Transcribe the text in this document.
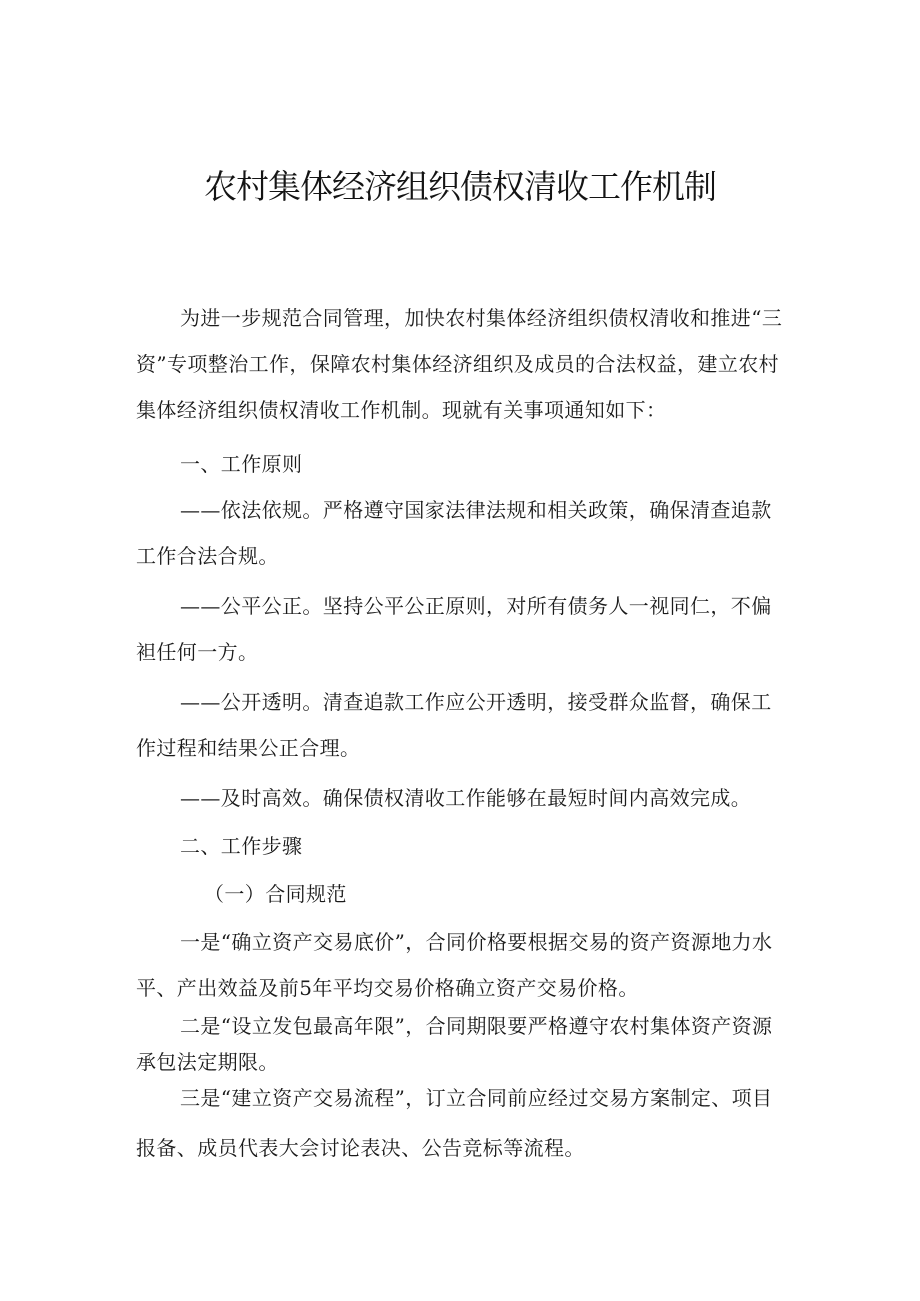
农村集体经济组织债权清收工作机制

为进一步规范合同管理，加快农村集体经济组织债权清收和推进“三资”专项整治工作，保障农村集体经济组织及成员的合法权益，建立农村集体经济组织债权清收工作机制。现就有关事项通知如下：

一、工作原则

——依法依规。严格遵守国家法律法规和相关政策，确保清查追款工作合法合规。

——公平公正。坚持公平公正原则，对所有债务人一视同仁，不偏袒任何一方。

——公开透明。清查追款工作应公开透明，接受群众监督，确保工作过程和结果公正合理。

——及时高效。确保债权清收工作能够在最短时间内高效完成。

二、工作步骤

（一）合同规范

一是“确立资产交易底价”，合同价格要根据交易的资产资源地力水平、产出效益及前5年平均交易价格确立资产交易价格。

二是“设立发包最高年限”，合同期限要严格遵守农村集体资产资源承包法定期限。

三是“建立资产交易流程”，订立合同前应经过交易方案制定、项目报备、成员代表大会讨论表决、公告竞标等流程。
